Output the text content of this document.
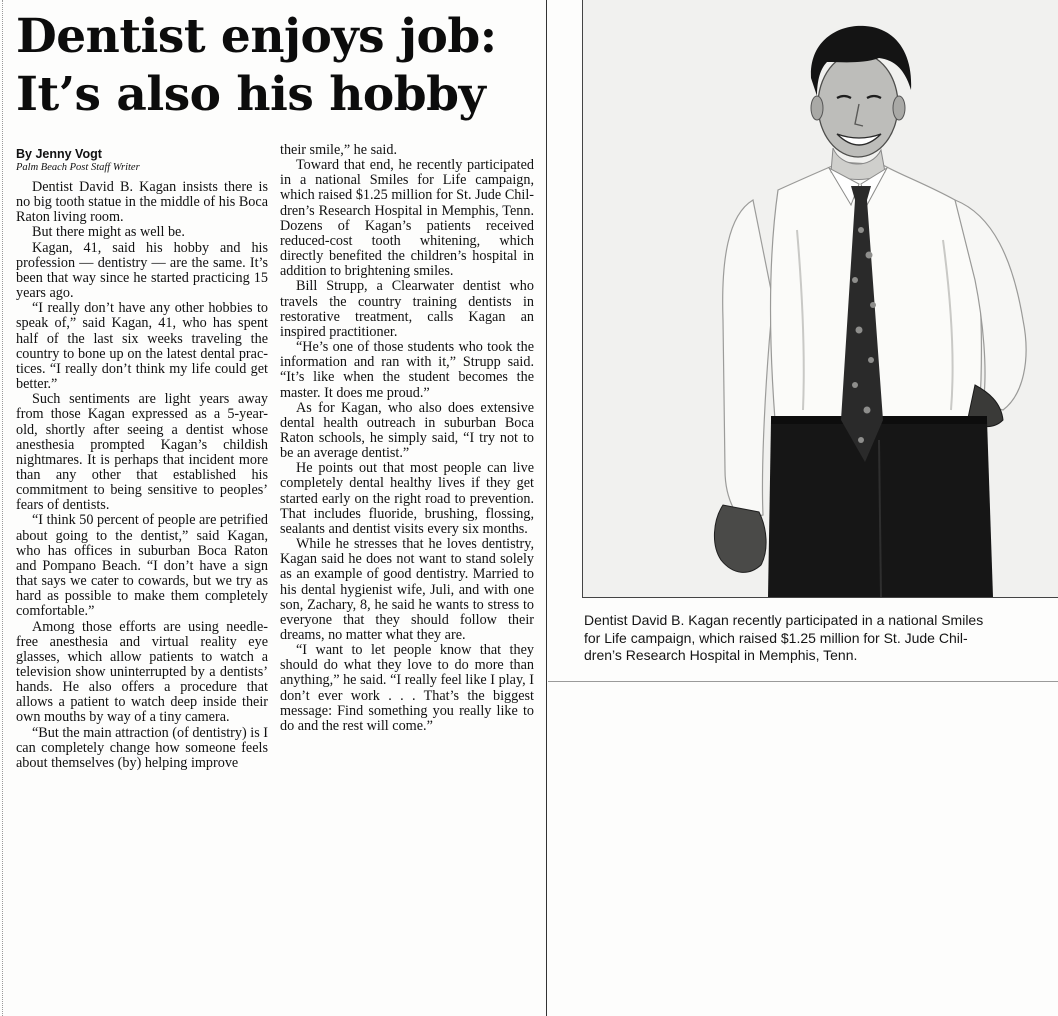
Dentist enjoys job:
It’s also his hobby
By Jenny Vogt
Palm Beach Post Staff Writer

Dentist David B. Kagan insists there is no big tooth statue in the middle of his Boca Raton living room.

But there might as well be.

Kagan, 41, said his hobby and his profession — dentistry — are the same. It’s been that way since he started practicing 15 years ago.

“I really don’t have any other hobbies to speak of,” said Kagan, 41, who has spent half of the last six weeks traveling the country to bone up on the latest dental practices. “I really don’t think my life could get better.”

Such sentiments are light years away from those Kagan expressed as a 5-year-old, shortly after seeing a dentist whose anesthesia prompted Kagan’s childish nightmares. It is perhaps that incident more than any other that established his commitment to being sensitive to peoples’ fears of dentists.

“I think 50 percent of people are petrified about going to the dentist,” said Kagan, who has offices in suburban Boca Raton and Pompano Beach. “I don’t have a sign that says we cater to cowards, but we try as hard as possible to make them completely comfortable.”

Among those efforts are using needle-free anesthesia and virtual reality eye glasses, which allow patients to watch a television show uninterrupted by a dentists’ hands. He also offers a procedure that allows a patient to watch deep inside their own mouths by way of a tiny camera.

“But the main attraction (of dentistry) is I can completely change how someone feels about themselves (by) helping improve

their smile,” he said.

Toward that end, he recently participated in a national Smiles for Life campaign, which raised $1.25 million for St. Jude Children’s Research Hospital in Memphis, Tenn. Dozens of Kagan’s patients received reduced-cost tooth whitening, which directly benefited the children’s hospital in addition to brightening smiles.

Bill Strupp, a Clearwater dentist who travels the country training dentists in restorative treatment, calls Kagan an inspired practitioner.

“He’s one of those students who took the information and ran with it,” Strupp said. “It’s like when the student becomes the master. It does me proud.”

As for Kagan, who also does extensive dental health outreach in suburban Boca Raton schools, he simply said, “I try not to be an average dentist.”

He points out that most people can live completely dental healthy lives if they get started early on the right road to prevention. That includes fluoride, brushing, flossing, sealants and dentist visits every six months.

While he stresses that he loves dentistry, Kagan said he does not want to stand solely as an example of good dentistry. Married to his dental hygienist wife, Juli, and with one son, Zachary, 8, he said he wants to stress to everyone that they should follow their dreams, no matter what they are.

“I want to let people know that they should do what they love to do more than anything,” he said. “I really feel like I play, I don’t ever work . . . That’s the biggest message: Find something you really like to do and the rest will come.”

Dentist David B. Kagan recently participated in a national Smiles
for Life campaign, which raised $1.25 million for St. Jude Chil-
dren’s Research Hospital in Memphis, Tenn.
